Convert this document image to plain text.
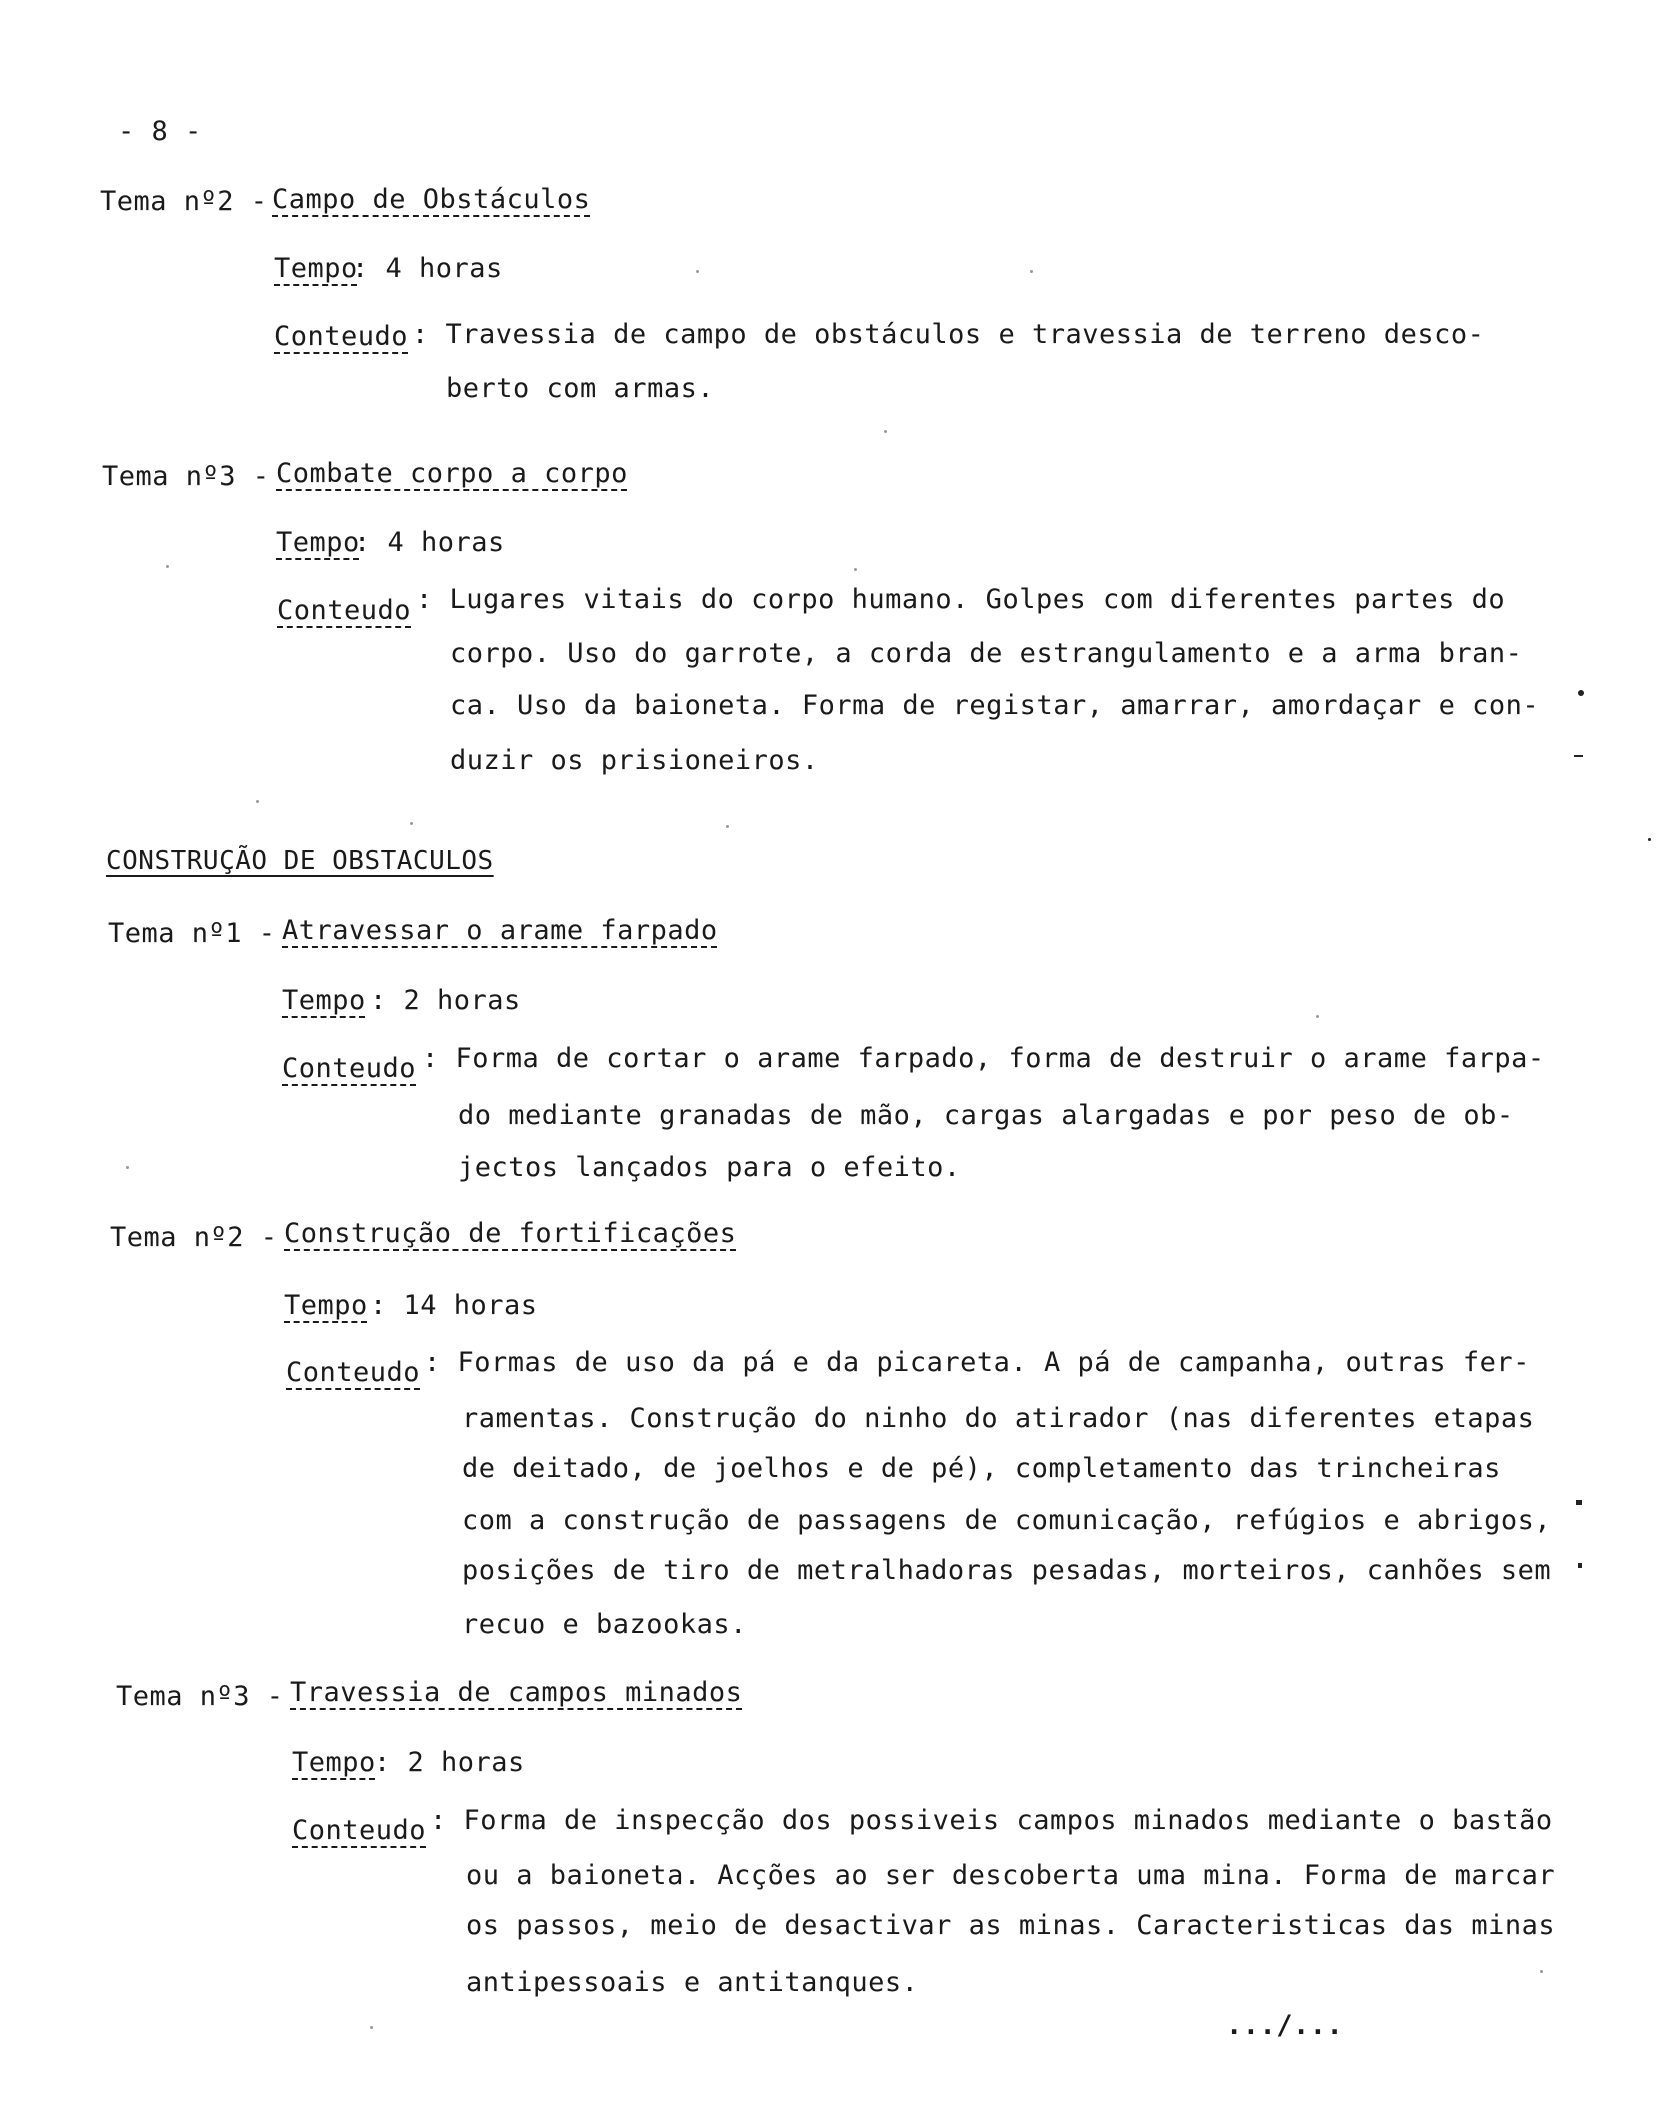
- 8 -
Tema nº2 - Campo de Obstáculos
Tempo
: 4 horas
Conteudo : Travessia de campo de obstáculos e travessia de terreno desco-
berto com armas.
Tema nº3 - Combate corpo a corpo
Tempo
: 4 horas
Conteudo : Lugares vitais do corpo humano. Golpes com diferentes partes do
corpo. Uso do garrote, a corda de estrangulamento e a arma bran-
ca. Uso da baioneta. Forma de registar, amarrar, amordaçar e con-
duzir os prisioneiros.
CONSTRUÇÃO DE OBSTACULOS
Tema nº1 - Atravessar o arame farpado
Tempo : 2 horas
Conteudo : Forma de cortar o arame farpado, forma de destruir o arame farpa-
do mediante granadas de mão, cargas alargadas e por peso de ob-
jectos lançados para o efeito.
Tema nº2 - Construção de fortificações
Tempo : 14 horas
Conteudo : Formas de uso da pá e da picareta. A pá de campanha, outras fer-
ramentas. Construção do ninho do atirador (nas diferentes etapas
de deitado, de joelhos e de pé), completamento das trincheiras
com a construção de passagens de comunicação, refúgios e abrigos,
posições de tiro de metralhadoras pesadas, morteiros, canhões sem
recuo e bazookas.
Tema nº3 - Travessia de campos minados
Tempo
: 2 horas
Conteudo : Forma de inspecção dos possiveis campos minados mediante o bastão
ou a baioneta. Acções ao ser descoberta uma mina. Forma de marcar
os passos, meio de desactivar as minas. Caracteristicas das minas
antipessoais e antitanques.
.../...
